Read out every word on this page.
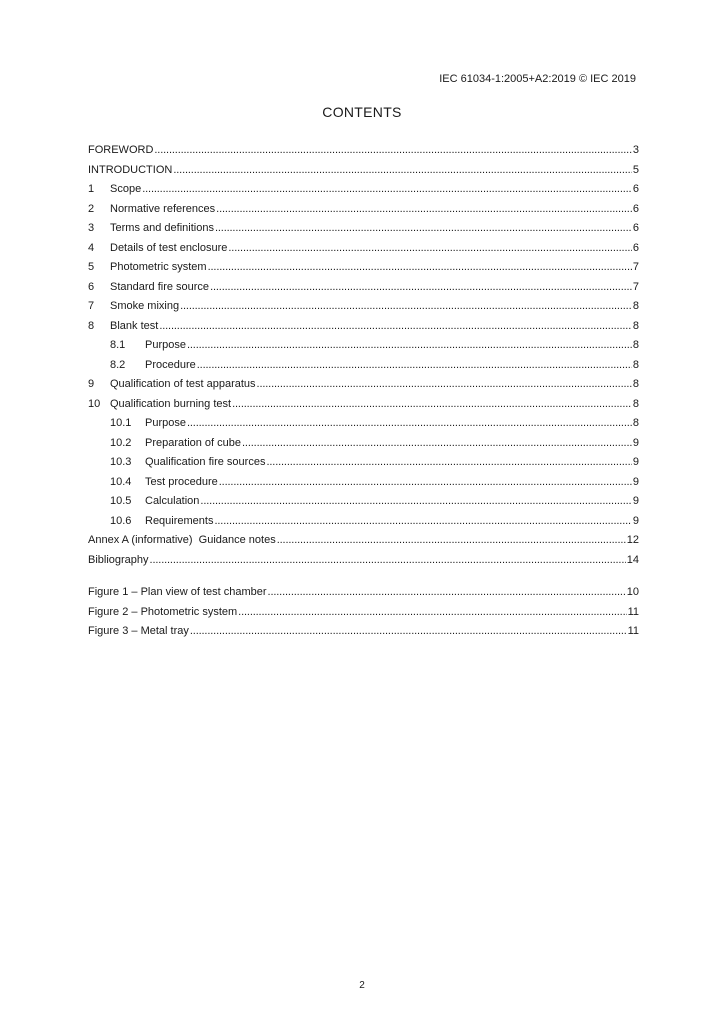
IEC 61034-1:2005+A2:2019 © IEC 2019
CONTENTS
FOREWORD . . .	3
INTRODUCTION . . .	5
1	Scope . . .	6
2	Normative references . . .	6
3	Terms and definitions . . .	6
4	Details of test enclosure . . .	6
5	Photometric system . . .	7
6	Standard fire source . . .	7
7	Smoke mixing . . .	8
8	Blank test . . .	8
8.1	Purpose . . .	8
8.2	Procedure . . .	8
9	Qualification of test apparatus . . .	8
10 Qualification burning test . . .	8
10.1	Purpose . . .	8
10.2	Preparation of cube . . .	9
10.3	Qualification fire sources . . .	9
10.4	Test procedure . . .	9
10.5	Calculation . . .	9
10.6	Requirements . . .	9
Annex A (informative)  Guidance notes . . .	12
Bibliography . . .	14
Figure 1 – Plan view of test chamber . . .	10
Figure 2 – Photometric system . . .	11
Figure 3 – Metal tray . . .	11
2
